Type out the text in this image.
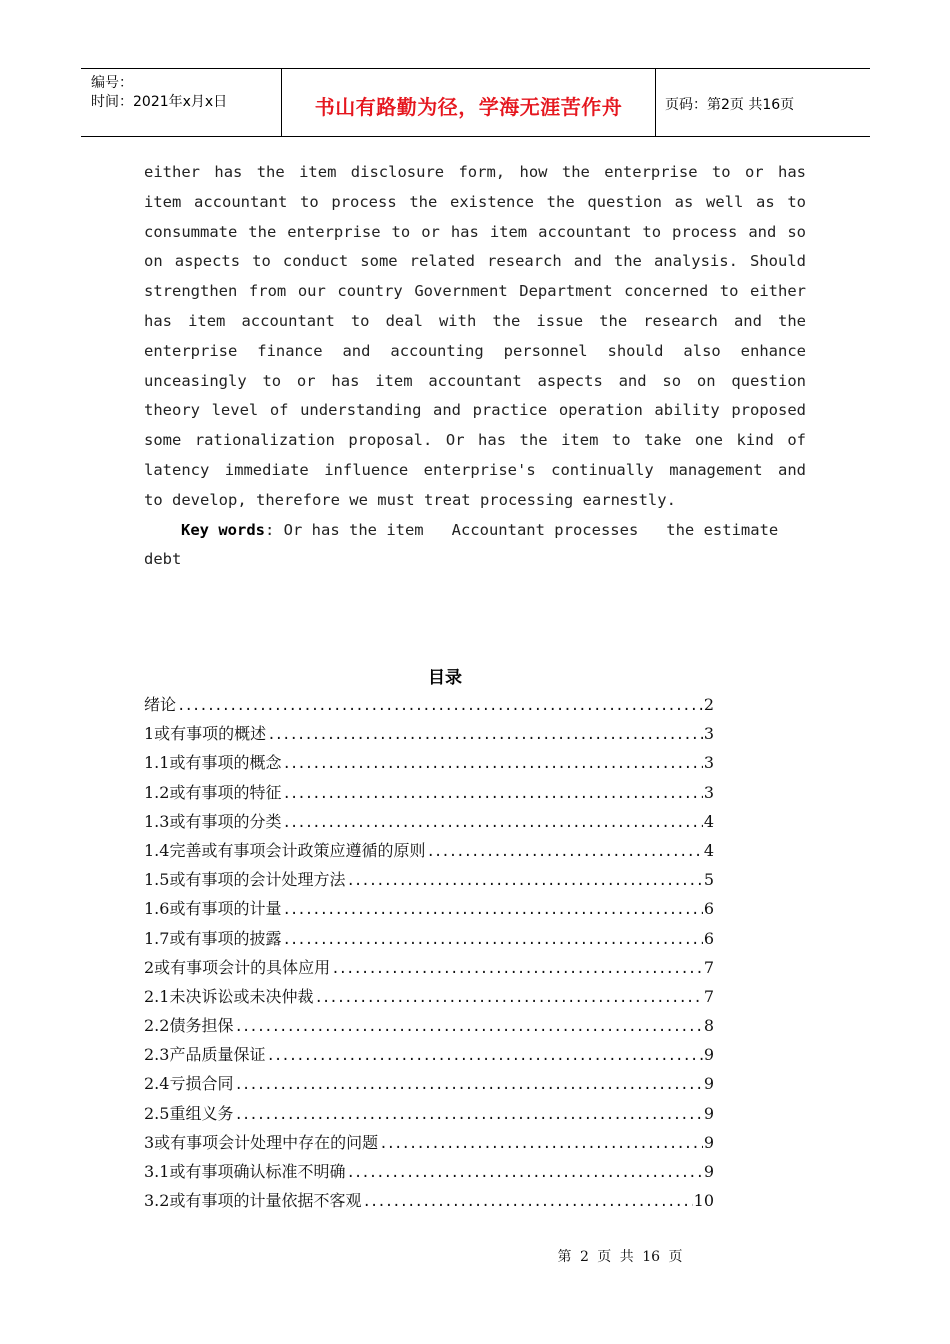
编号：
时间：2021年x月x日	书山有路勤为径，学海无涯苦作舟	页码：第2页 共16页
either has the item disclosure form, how the enterprise to or has
item accountant to process the existence the question as well as to
consummate the enterprise to or has item accountant to process and so
on aspects to conduct some related research and the analysis. Should
strengthen from our country Government Department concerned to either
has item accountant to deal with the issue the research and the
enterprise finance and accounting personnel should also enhance
unceasingly to or has item accountant aspects and so on question
theory level of understanding and practice operation ability proposed
some rationalization proposal. Or has the item to take one kind of
latency immediate influence enterprise's continually management and
to develop, therefore we must treat processing earnestly.
Key words : Or has the item   Accountant processes   the estimate
debt
目录
绪论 .....	2
1或有事项的概述 .....	3
1.1或有事项的概念 .....	3
1.2或有事项的特征 .....	3
1.3或有事项的分类 .....	4
1.4完善或有事项会计政策应遵循的原则 .....	4
1.5或有事项的会计处理方法 .....	5
1.6或有事项的计量 .....	6
1.7或有事项的披露 .....	6
2或有事项会计的具体应用 .....	7
2.1未决诉讼或未决仲裁 .....	7
2.2债务担保 .....	8
2.3产品质量保证 .....	9
2.4亏损合同 .....	9
2.5重组义务 .....	9
3或有事项会计处理中存在的问题 .....	9
3.1或有事项确认标准不明确 .....	9
3.2或有事项的计量依据不客观 .....	10
第 2 页 共 16 页
